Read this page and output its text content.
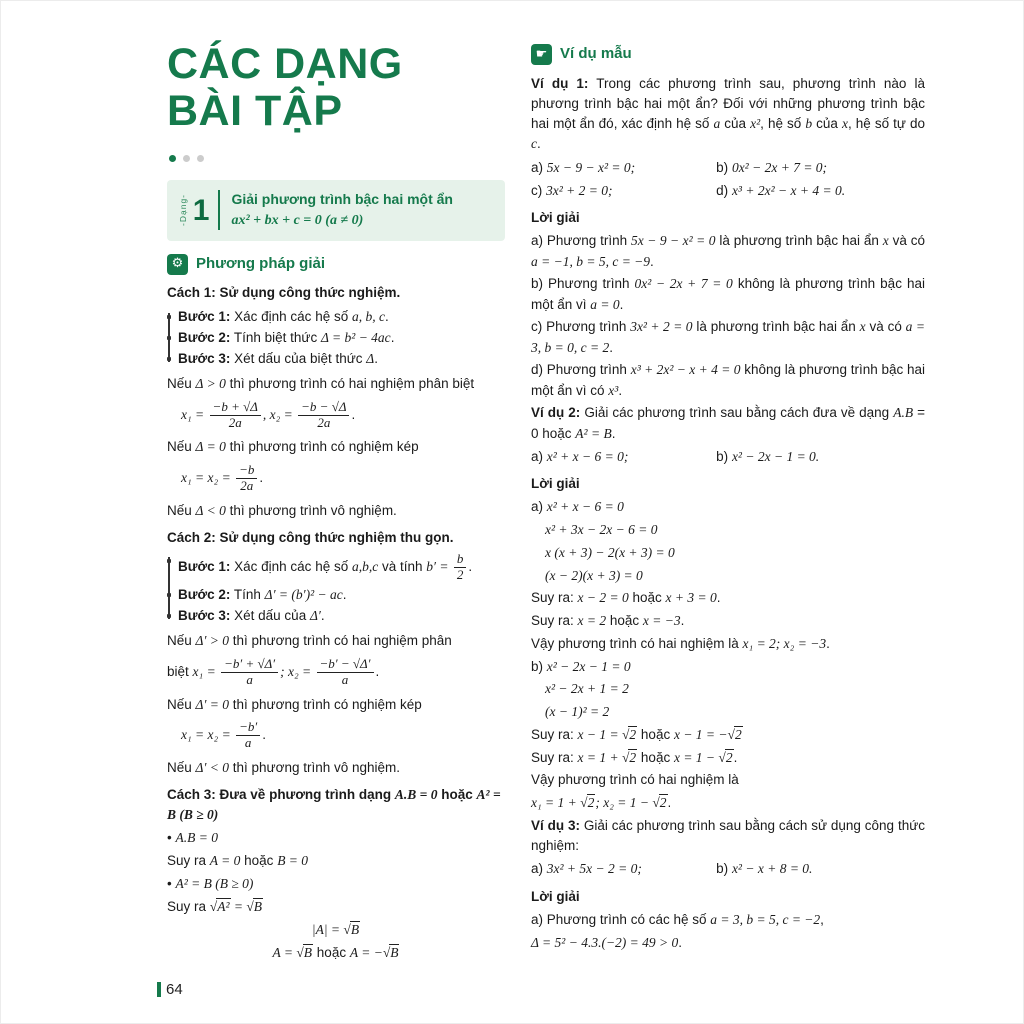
CÁC DẠNG
BÀI TẬP
-Dạng- 1 Giải phương trình bậc hai một ẩn
ax² + bx + c = 0 (a ≠ 0)
⚙ Phương pháp giải
Cách 1: Sử dụng công thức nghiệm.
Bước 1: Xác định các hệ số a, b, c.
Bước 2: Tính biệt thức Δ = b² − 4ac.
Bước 3: Xét dấu của biệt thức Δ.
Nếu Δ > 0 thì phương trình có hai nghiệm phân biệt
$x_1 = \frac{-b + √\Delta}{2a}$ , $x_2 = \frac{-b - √\Delta}{2a}$ .
Nếu Δ = 0 thì phương trình có nghiệm kép
$x_1 = x_2 = \frac{-b}{2a}$ .
Nếu Δ < 0 thì phương trình vô nghiệm.
Cách 2: Sử dụng công thức nghiệm thu gọn.
Bước 1: Xác định các hệ số a,b,c và tính $b' = \frac{b}{2}$ .
Bước 2: Tính Δ′ = (b′)² − ac.
Bước 3: Xét dấu của Δ′.
Nếu Δ′ > 0 thì phương trình có hai nghiệm phân
biệt $x_1 = \frac{-b' + √\Delta'}{a}$ ; $x_2 = \frac{-b' - √\Delta'}{a}$ .
Nếu Δ′ = 0 thì phương trình có nghiệm kép
$x_1 = x_2 = \frac{-b'}{a}$ .
Nếu Δ′ < 0 thì phương trình vô nghiệm.
Cách 3: Đưa về phương trình dạng A.B = 0 hoặc A² = B (B ≥ 0)
• A.B = 0
Suy ra A = 0 hoặc B = 0
• A² = B (B ≥ 0)
Suy ra √A² = √B
|A| = √B
A = √B hoặc A = −√B
☛ Ví dụ mẫu
Ví dụ 1: Trong các phương trình sau, phương trình nào là phương trình bậc hai một ẩn? Đối với những phương trình bậc hai một ẩn đó, xác định hệ số a của x², hệ số b của x, hệ số tự do c.
a) 5x − 9 − x² = 0;	b) 0x² − 2x + 7 = 0;
c) 3x² + 2 = 0;	d) x³ + 2x² − x + 4 = 0.
Lời giải
a) Phương trình 5x − 9 − x² = 0 là phương trình bậc hai ẩn x và có a = −1, b = 5, c = −9.
b) Phương trình 0x² − 2x + 7 = 0 không là phương trình bậc hai một ẩn vì a = 0.
c) Phương trình 3x² + 2 = 0 là phương trình bậc hai ẩn x và có a = 3, b = 0, c = 2.
d) Phương trình x³ + 2x² − x + 4 = 0 không là phương trình bậc hai một ẩn vì có x³.
Ví dụ 2: Giải các phương trình sau bằng cách đưa về dạng A.B = 0 hoặc A² = B.
a) x² + x − 6 = 0;	b) x² − 2x − 1 = 0.
Lời giải
a) x² + x − 6 = 0
x² + 3x − 2x − 6 = 0
x (x + 3) − 2(x + 3) = 0
(x − 2)(x + 3) = 0
Suy ra: x − 2 = 0 hoặc x + 3 = 0.
Suy ra: x = 2 hoặc x = −3.
Vậy phương trình có hai nghiệm là x₁ = 2; x₂ = −3.
b) x² − 2x − 1 = 0
x² − 2x + 1 = 2
(x − 1)² = 2
Suy ra: x − 1 = √2 hoặc x − 1 = −√2
Suy ra: x = 1 + √2 hoặc x = 1 − √2.
Vậy phương trình có hai nghiệm là
x₁ = 1 + √2; x₂ = 1 − √2.
Ví dụ 3: Giải các phương trình sau bằng cách sử dụng công thức nghiệm:
a) 3x² + 5x − 2 = 0;	b) x² − x + 8 = 0.
Lời giải
a) Phương trình có các hệ số a = 3, b = 5, c = −2,
Δ = 5² − 4.3.(−2) = 49 > 0.
64
